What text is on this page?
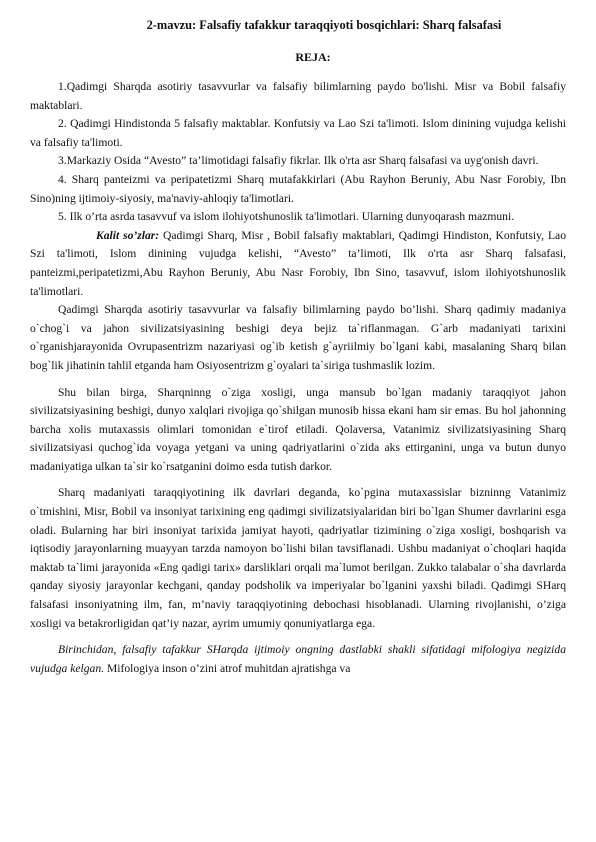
2-mavzu: Falsafiy tafakkur taraqqiyoti bosqichlari: Sharq falsafasi
REJA:

1.Qadimgi Sharqda asotiriy tasavvurlar va falsafiy bilimlarning paydo bo'lishi. Misr va Bobil falsafiy maktablari.

2. Qadimgi Hindistonda 5 falsafiy maktablar. Konfutsiy va Lao Szi ta'limoti. Islom dinining vujudga kelishi va falsafiy ta'limoti.

3.Markaziy Osida “Avesto” ta’limotidagi falsafiy fikrlar. Ilk o'rta asr Sharq falsafasi va uyg'onish davri.

4. Sharq panteizmi va peripatetizmi Sharq mutafakkirlari (Abu Rayhon Beruniy, Abu Nasr Forobiy, Ibn Sino)ning ijtimoiy-siyosiy, ma'naviy-ahloqiy ta'limotlari.

5. Ilk o’rta asrda tasavvuf va islom ilohiyotshunoslik ta'limotlari. Ularning dunyoqarash mazmuni.

Kalit so’zlar: Qadimgi Sharq, Misr , Bobil falsafiy maktablari, Qadimgi Hindiston, Konfutsiy, Lao Szi ta'limoti, Islom dinining vujudga kelishi, “Avesto” ta’limoti, Ilk o'rta asr Sharq falsafasi, panteizmi,peripatetizmi,Abu Rayhon Beruniy, Abu Nasr Forobiy, Ibn Sino, tasavvuf, islom ilohiyotshunoslik ta'limotlari.

Qadimgi Sharqda asotiriy tasavvurlar va falsafiy bilimlarning paydo bo’lishi. Sharq qadimiy madaniya o`chog`i va jahon sivilizatsiyasining beshigi deya bejiz ta`riflanmagan. G`arb madaniyati tarixini o`rganishjarayonida Ovrupasentrizm nazariyasi og`ib ketish g`ayriilmiy bo`lgani kabi, masalaning Sharq bilan bog`lik jihatinin tahlil etganda ham Osiyosentrizm g`oyalari ta`siriga tushmaslik lozim.

Shu bilan birga, Sharqninng o`ziga xosligi, unga mansub bo`lgan madaniy taraqqiyot jahon sivilizatsiyasining beshigi, dunyo xalqlari rivojiga qo`shilgan munosib hissa ekani ham sir emas. Bu hol jahonning barcha xolis mutaxassis olimlari tomonidan e`tirof etiladi. Qolaversa, Vatanimiz sivilizatsiyasining Sharq sivilizatsiyasi quchog`ida voyaga yetgani va uning qadriyatlarini o`zida aks ettirganini, unga va butun dunyo madaniyatiga ulkan ta`sir ko`rsatganini doimo esda tutish darkor.

Sharq madaniyati taraqqiyotining ilk davrlari deganda, ko`pgina mutaxassislar bizninng Vatanimiz o`tmishini, Misr, Bobil va insoniyat tarixining eng qadimgi sivilizatsiyalaridan biri bo`lgan Shumer davrlarini esga oladi. Bularning har biri insoniyat tarixida jamiyat hayoti, qadriyatlar tizimining o`ziga xosligi, boshqarish va iqtisodiy jarayonlarning muayyan tarzda namoyon bo`lishi bilan tavsiflanadi. Ushbu madaniyat o`choqlari haqida maktab ta`limi jarayonida «Eng qadigi tarix» darsliklari orqali ma`lumot berilgan. Zukko talabalar o`sha davrlarda qanday siyosiy jarayonlar kechgani, qanday podsholik va imperiyalar bo`lganini yaxshi biladi. Qadimgi SHarq falsafasi insoniyatning ilm, fan, m’naviy taraqqiyotining debochasi hisoblanadi. Ularning rivojlanishi, o’ziga xosligi va betakrorligidan qat’iy nazar, ayrim umumiy qonuniyatlarga ega.

Birinchidan, falsafiy tafakkur SHarqda ijtimoiy ongning dastlabki shakli sifatidagi mifologiya negizida vujudga kelgan. Mifologiya inson o’zini atrof muhitdan ajratishga va
